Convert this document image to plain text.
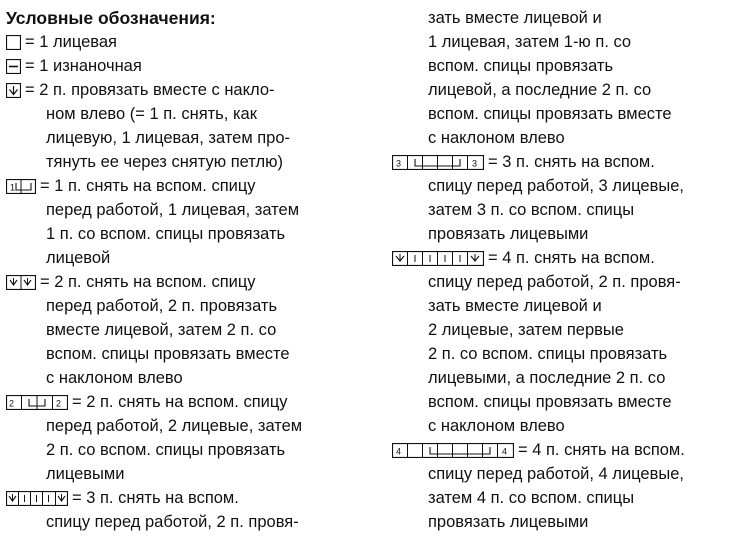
Условные обозначения:
= 1 лицевая
= 1 изнаночная
= 2 п. провязать вместе с накло-
ном влево (= 1 п. снять, как
лицевую, 1 лицевая, затем про-
тянуть ее через снятую петлю)
1 = 1 п. снять на вспом. спицу
перед работой, 1 лицевая, затем
1 п. со вспом. спицы провязать
лицевой
= 2 п. снять на вспом. спицу
перед работой, 2 п. провязать
вместе лицевой, затем 2 п. со
вспом. спицы провязать вместе
с наклоном влево
2	2 = 2 п. снять на вспом. спицу
перед работой, 2 лицевые, затем
2 п. со вспом. спицы провязать
лицевыми
= 3 п. снять на вспом.
спицу перед работой, 2 п. провя-
зать вместе лицевой и
1 лицевая, затем 1-ю п. со
вспом. спицы провязать
лицевой, а последние 2 п. со
вспом. спицы провязать вместе
с наклоном влево
3	3 = 3 п. снять на вспом.
спицу перед работой, 3 лицевые,
затем 3 п. со вспом. спицы
провязать лицевыми
= 4 п. снять на вспом.
спицу перед работой, 2 п. провя-
зать вместе лицевой и
2 лицевые, затем первые
2 п. со вспом. спицы провязать
лицевыми, а последние 2 п. со
вспом. спицы провязать вместе
с наклоном влево
4	4 = 4 п. снять на вспом.
спицу перед работой, 4 лицевые,
затем 4 п. со вспом. спицы
провязать лицевыми
